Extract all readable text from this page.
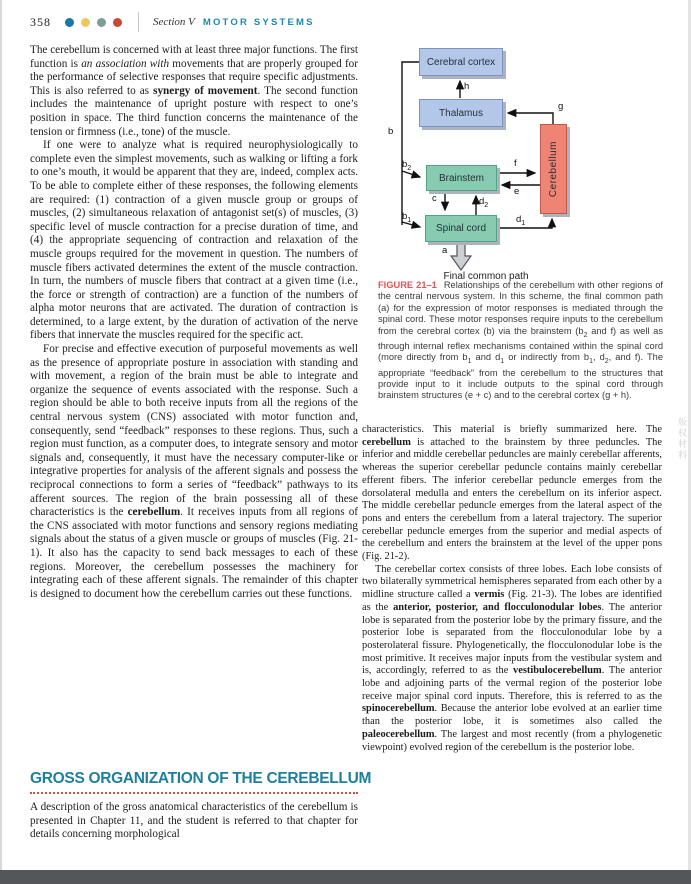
358	Section V MOTOR SYSTEMS

The cerebellum is concerned with at least three major functions. The first function is an association with movements that are properly grouped for the performance of selective responses that require specific adjustments. This is also referred to as synergy of movement. The second function includes the maintenance of upright posture with respect to one’s position in space. The third function concerns the maintenance of the tension or firmness (i.e., tone) of the muscle.

If one were to analyze what is required neurophysiologically to complete even the simplest movements, such as walking or lifting a fork to one’s mouth, it would be apparent that they are, indeed, complex acts. To be able to complete either of these responses, the following elements are required: (1) contraction of a given muscle group or groups of muscles, (2) simultaneous relaxation of antagonist set(s) of muscles, (3) specific level of muscle contraction for a precise duration of time, and (4) the appropriate sequencing of contraction and relaxation of the muscle groups required for the movement in question. The numbers of muscle fibers activated determines the extent of the muscle contraction. In turn, the numbers of muscle fibers that contract at a given time (i.e., the force or strength of contraction) are a function of the numbers of alpha motor neurons that are activated. The duration of contraction is determined, to a large extent, by the duration of activation of the nerve fibers that innervate the muscles required for the specific act.

For precise and effective execution of purposeful movements as well as the presence of appropriate posture in association with standing and with movement, a region of the brain must be able to integrate and organize the sequence of events associated with the response. Such a region should be able to both receive inputs from all the regions of the central nervous system (CNS) associated with motor function and, consequently, send “feedback” responses to these regions. Thus, such a region must function, as a computer does, to integrate sensory and motor signals and, consequently, it must have the necessary computer-like or integrative properties for analysis of the afferent signals and possess the reciprocal connections to form a series of “feedback” pathways to its afferent sources. The region of the brain possessing all of these characteristics is the cerebellum. It receives inputs from all regions of the CNS associated with motor functions and sensory regions mediating signals about the status of a given muscle or groups of muscles (Fig. 21-1). It also has the capacity to send back messages to each of these regions. Moreover, the cerebellum possesses the machinery for integrating each of these afferent signals. The remainder of this chapter is designed to document how the cerebellum carries out these functions.

GROSS ORGANIZATION OF THE CEREBELLUM

A description of the gross anatomical characteristics of the cerebellum is presented in Chapter 11, and the student is referred to that chapter for details concerning morphological

Cerebral cortex
Thalamus
Brainstem
Spinal cord
Cerebellum
h
g
b
$b_2$
$b_1$
f
e
c	$d_2$
$d_1$
a
Final common path

FIGURE 21–1 Relationships of the cerebellum with other regions of the central nervous system. In this scheme, the final common path (a) for the expression of motor responses is mediated through the spinal cord. These motor responses require inputs to the cerebellum from the cerebral cortex (b) via the brainstem ($b_2$ and f) as well as through internal reflex mechanisms contained within the spinal cord (more directly from $b_1$ and $d_1$ or indirectly from $b_1$, $d_2$, and f). The appropriate “feedback” from the cerebellum to the structures that provide input to it include outputs to the spinal cord through brainstem structures (e + c) and to the cerebral cortex (g + h).

characteristics. This material is briefly summarized here. The cerebellum is attached to the brainstem by three peduncles. The inferior and middle cerebellar peduncles are mainly cerebellar afferents, whereas the superior cerebellar peduncle contains mainly cerebellar efferent fibers. The inferior cerebellar peduncle emerges from the dorsolateral medulla and enters the cerebellum on its inferior aspect. The middle cerebellar peduncle emerges from the lateral aspect of the pons and enters the cerebellum from a lateral trajectory. The superior cerebellar peduncle emerges from the superior and medial aspects of the cerebellum and enters the brainstem at the level of the upper pons (Fig. 21-2).

The cerebellar cortex consists of three lobes. Each lobe consists of two bilaterally symmetrical hemispheres separated from each other by a midline structure called a vermis (Fig. 21-3). The lobes are identified as the anterior, posterior, and flocculonodular lobes. The anterior lobe is separated from the posterior lobe by the primary fissure, and the posterior lobe is separated from the flocculonodular lobe by a posterolateral fissure. Phylogenetically, the flocculonodular lobe is the most primitive. It receives major inputs from the vestibular system and is, accordingly, referred to as the vestibulocerebellum. The anterior lobe and adjoining parts of the vermal region of the posterior lobe receive major spinal cord inputs. Therefore, this is referred to as the spinocerebellum. Because the anterior lobe evolved at an earlier time than the posterior lobe, it is sometimes also called the paleocerebellum. The largest and most recently (from a phylogenetic viewpoint) evolved region of the cerebellum is the posterior lobe.

版权材料
